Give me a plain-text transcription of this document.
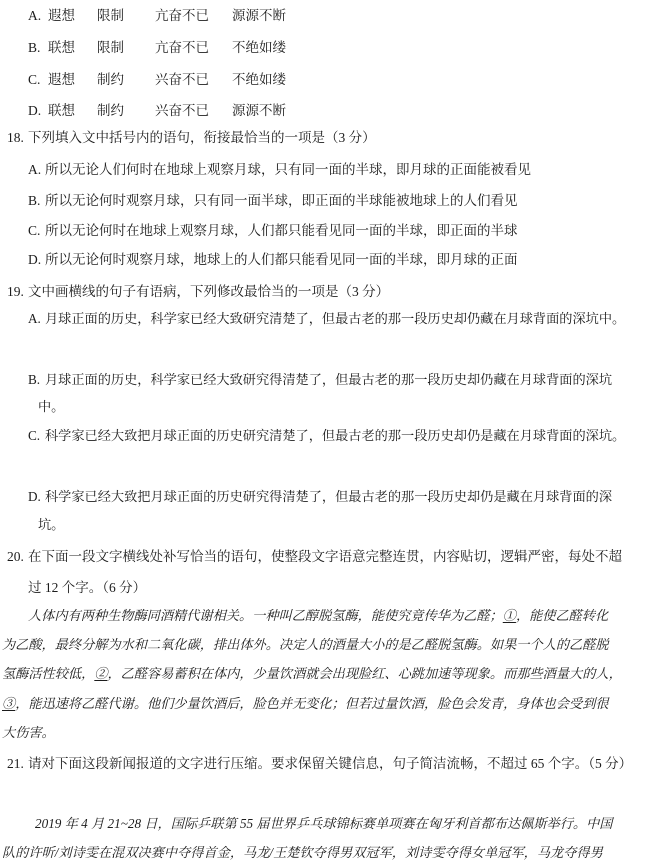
A. 遐想 限制 亢奋不已 源源不断
B. 联想 限制 亢奋不已 不绝如缕
C. 遐想 制约 兴奋不已 不绝如缕
D. 联想 制约 兴奋不已 源源不断
18. 下列填入文中括号内的语句，衔接最恰当的一项是（3 分）
A. 所以无论人们何时在地球上观察月球，只有同一面的半球，即月球的正面能被看见
B. 所以无论何时观察月球，只有同一面半球，即正面的半球能被地球上的人们看见
C. 所以无论何时在地球上观察月球，人们都只能看见同一面的半球，即正面的半球
D. 所以无论何时观察月球，地球上的人们都只能看见同一面的半球，即月球的正面
19. 文中画横线的句子有语病，下列修改最恰当的一项是（3 分）
A. 月球正面的历史，科学家已经大致研究清楚了，但最古老的那一段历史却仍藏在月球背面的深坑中。
B. 月球正面的历史，科学家已经大致研究得清楚了，但最古老的那一段历史却仍藏在月球背面的深坑
中。
C. 科学家已经大致把月球正面的历史研究清楚了，但最古老的那一段历史却仍是藏在月球背面的深坑。
D. 科学家已经大致把月球正面的历史研究得清楚了，但最古老的那一段历史却仍是藏在月球背面的深
坑。
20. 在下面一段文字横线处补写恰当的语句，使整段文字语意完整连贯，内容贴切，逻辑严密，每处不超
过 12 个字。（6 分）
人体内有两种生物酶同酒精代谢相关。一种叫乙醇脱氢酶，能使究竟传华为乙醛；①，能使乙醛转化
为乙酸，最终分解为水和二氧化碳，排出体外。决定人的酒量大小的是乙醛脱氢酶。如果一个人的乙醛脱
氢酶活性较低，②，乙醛容易蓄积在体内，少量饮酒就会出现脸红、心跳加速等现象。而那些酒量大的人，
③，能迅速将乙醛代谢。他们少量饮酒后，脸色并无变化；但若过量饮酒，脸色会发青，身体也会受到很
大伤害。
21. 请对下面这段新闻报道的文字进行压缩。要求保留关键信息，句子简洁流畅，不超过 65 个字。（5 分）
2019 年 4 月 21~28 日，国际乒联第 55 届世界乒乓球锦标赛单项赛在匈牙利首都布达佩斯举行。中国
队的许昕/刘诗雯在混双决赛中夺得首金，马龙/王楚钦夺得男双冠军，刘诗雯夺得女单冠军，马龙夺得男
